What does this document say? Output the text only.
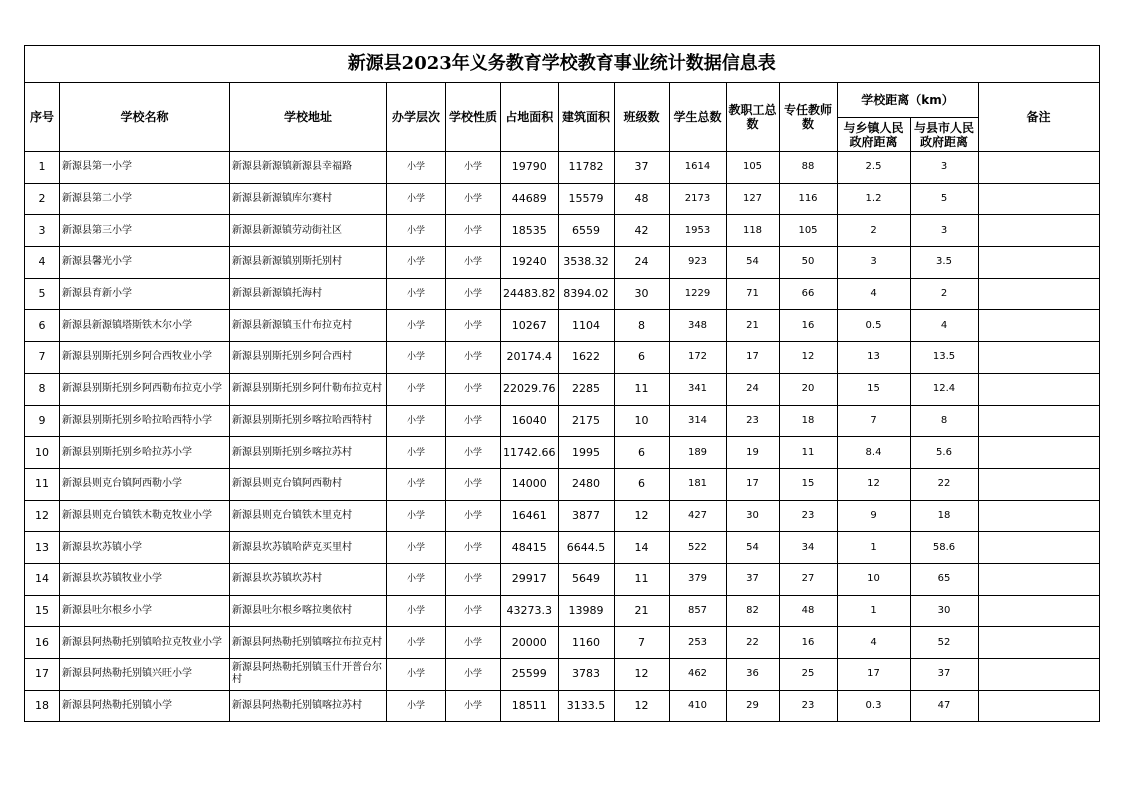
新源县2023年义务教育学校教育事业统计数据信息表													
序号	学校名称	学校地址	办学层次	学校性质	占地面积	建筑面积	班级数	学生总数	教职工总数	专任教师数	学校距离（km）		备注
											与乡镇人民政府距离	与县市人民政府距离	
1	新源县第一小学	新源县新源镇新源县幸福路	小学	小学	19790	11782	37	1614	105	88	2.5	3	
2	新源县第二小学	新源县新源镇库尔赛村	小学	小学	44689	15579	48	2173	127	116	1.2	5	
3	新源县第三小学	新源县新源镇劳动街社区	小学	小学	18535	6559	42	1953	118	105	2	3	
4	新源县馨光小学	新源县新源镇别斯托别村	小学	小学	19240	3538.32	24	923	54	50	3	3.5	
5	新源县育新小学	新源县新源镇托海村	小学	小学	24483.82	8394.02	30	1229	71	66	4	2	
6	新源县新源镇塔斯铁木尔小学	新源县新源镇玉什布拉克村	小学	小学	10267	1104	8	348	21	16	0.5	4	
7	新源县别斯托别乡阿合西牧业小学	新源县别斯托别乡阿合西村	小学	小学	20174.4	1622	6	172	17	12	13	13.5	
8	新源县别斯托别乡阿西勒布拉克小学	新源县别斯托别乡阿什勒布拉克村	小学	小学	22029.76	2285	11	341	24	20	15	12.4	
9	新源县别斯托别乡哈拉哈西特小学	新源县别斯托别乡喀拉哈西特村	小学	小学	16040	2175	10	314	23	18	7	8	
10	新源县别斯托别乡哈拉苏小学	新源县别斯托别乡喀拉苏村	小学	小学	11742.66	1995	6	189	19	11	8.4	5.6	
11	新源县则克台镇阿西勒小学	新源县则克台镇阿西勒村	小学	小学	14000	2480	6	181	17	15	12	22	
12	新源县则克台镇铁木勒克牧业小学	新源县则克台镇铁木里克村	小学	小学	16461	3877	12	427	30	23	9	18	
13	新源县坎苏镇小学	新源县坎苏镇哈萨克买里村	小学	小学	48415	6644.5	14	522	54	34	1	58.6	
14	新源县坎苏镇牧业小学	新源县坎苏镇坎苏村	小学	小学	29917	5649	11	379	37	27	10	65	
15	新源县吐尔根乡小学	新源县吐尔根乡喀拉奥依村	小学	小学	43273.3	13989	21	857	82	48	1	30	
16	新源县阿热勒托别镇哈拉克牧业小学	新源县阿热勒托别镇喀拉布拉克村	小学	小学	20000	1160	7	253	22	16	4	52	
17	新源县阿热勒托别镇兴旺小学	新源县阿热勒托别镇玉什开普台尔村	小学	小学	25599	3783	12	462	36	25	17	37	
18	新源县阿热勒托别镇小学	新源县阿热勒托别镇喀拉苏村	小学	小学	18511	3133.5	12	410	29	23	0.3	47	
